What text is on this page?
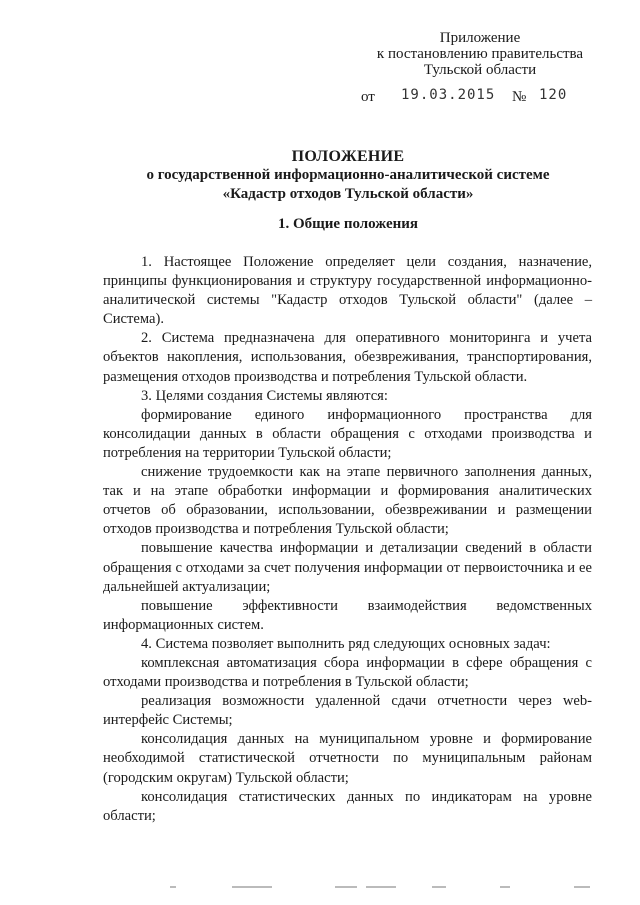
Приложение
к постановлению правительства
Тульской области
от 19.03.2015 № 120
ПОЛОЖЕНИЕ
о государственной информационно-аналитической системе
«Кадастр отходов Тульской области»
1. Общие положения

1. Настоящее Положение определяет цели создания, назначение, принципы функционирования и структуру государственной информационно-аналитической системы "Кадастр отходов Тульской области" (далее – Система).

2. Система предназначена для оперативного мониторинга и учета объектов накопления, использования, обезвреживания, транспортирования, размещения отходов производства и потребления Тульской области.

3. Целями создания Системы являются:

формирование единого информационного пространства для консолидации данных в области обращения с отходами производства и потребления на территории Тульской области;

снижение трудоемкости как на этапе первичного заполнения данных, так и на этапе обработки информации и формирования аналитических отчетов об образовании, использовании, обезвреживании и размещении отходов производства и потребления Тульской области;

повышение качества информации и детализации сведений в области обращения с отходами за счет получения информации от первоисточника и ее дальнейшей актуализации;

повышение эффективности взаимодействия ведомственных информационных систем.

4. Система позволяет выполнить ряд следующих основных задач:

комплексная автоматизация сбора информации в сфере обращения с отходами производства и потребления в Тульской области;

реализация возможности удаленной сдачи отчетности через web-интерфейс Системы;

консолидация данных на муниципальном уровне и формирование необходимой статистической отчетности по муниципальным районам (городским округам) Тульской области;

консолидация статистических данных по индикаторам на уровне области;
